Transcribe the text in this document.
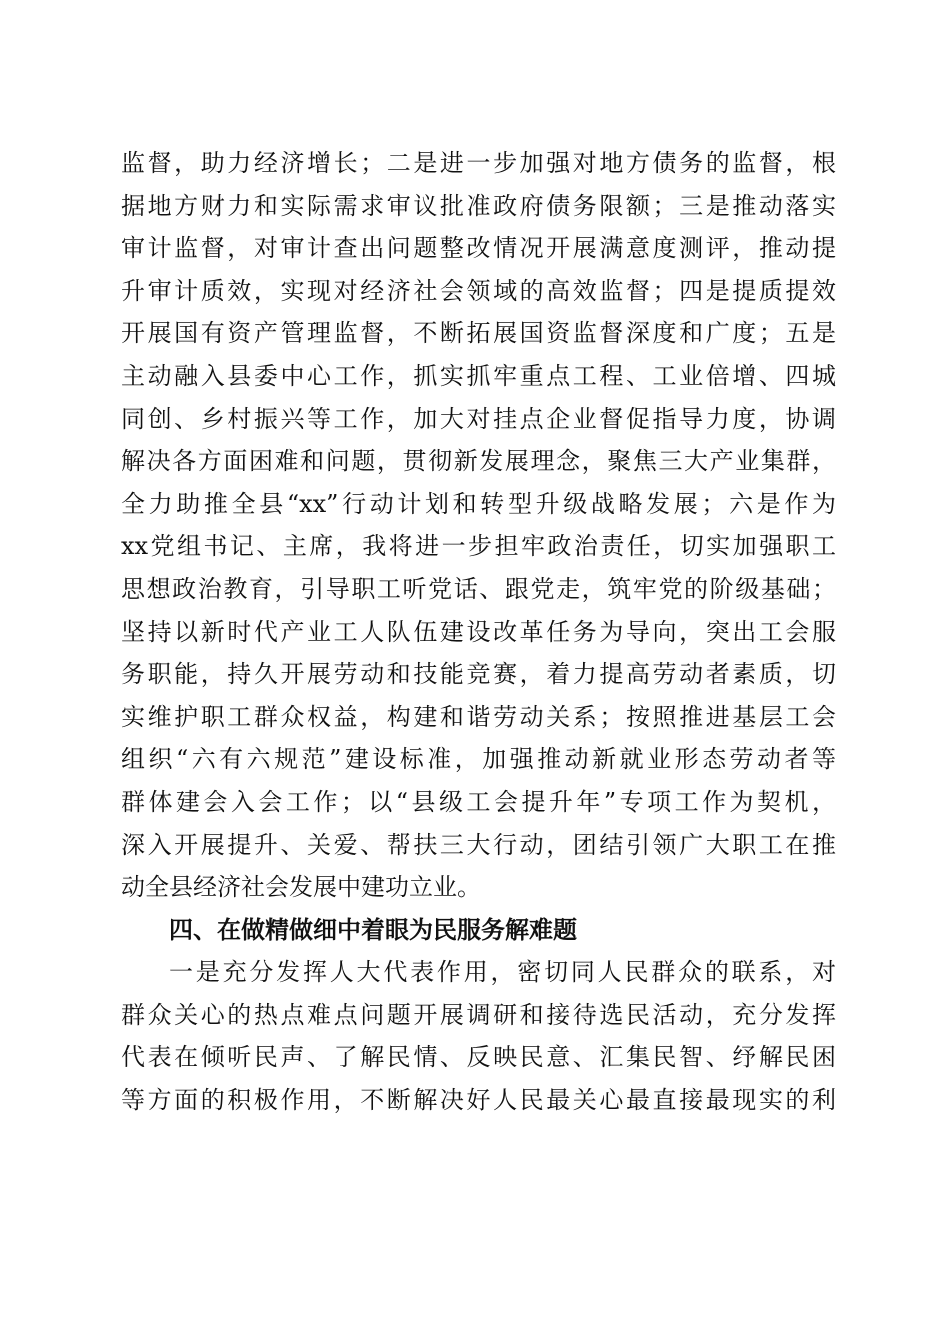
监督，助力经济增长；二是进一步加强对地方债务的监督，根
据地方财力和实际需求审议批准政府债务限额；三是推动落实
审计监督，对审计查出问题整改情况开展满意度测评，推动提
升审计质效，实现对经济社会领域的高效监督；四是提质提效
开展国有资产管理监督，不断拓展国资监督深度和广度；五是
主动融入县委中心工作，抓实抓牢重点工程、工业倍增、四城
同创、乡村振兴等工作，加大对挂点企业督促指导力度，协调
解决各方面困难和问题，贯彻新发展理念，聚焦三大产业集群，
全力助推全县“xx”行动计划和转型升级战略发展；六是作为
xx党组书记、主席，我将进一步担牢政治责任，切实加强职工
思想政治教育，引导职工听党话、跟党走，筑牢党的阶级基础；
坚持以新时代产业工人队伍建设改革任务为导向，突出工会服
务职能，持久开展劳动和技能竞赛，着力提高劳动者素质，切
实维护职工群众权益，构建和谐劳动关系；按照推进基层工会
组织“六有六规范”建设标准，加强推动新就业形态劳动者等
群体建会入会工作；以“县级工会提升年”专项工作为契机，
深入开展提升、关爱、帮扶三大行动，团结引领广大职工在推
动全县经济社会发展中建功立业。
四、在做精做细中着眼为民服务解难题
一是充分发挥人大代表作用，密切同人民群众的联系，对
群众关心的热点难点问题开展调研和接待选民活动，充分发挥
代表在倾听民声、了解民情、反映民意、汇集民智、纾解民困
等方面的积极作用，不断解决好人民最关心最直接最现实的利
